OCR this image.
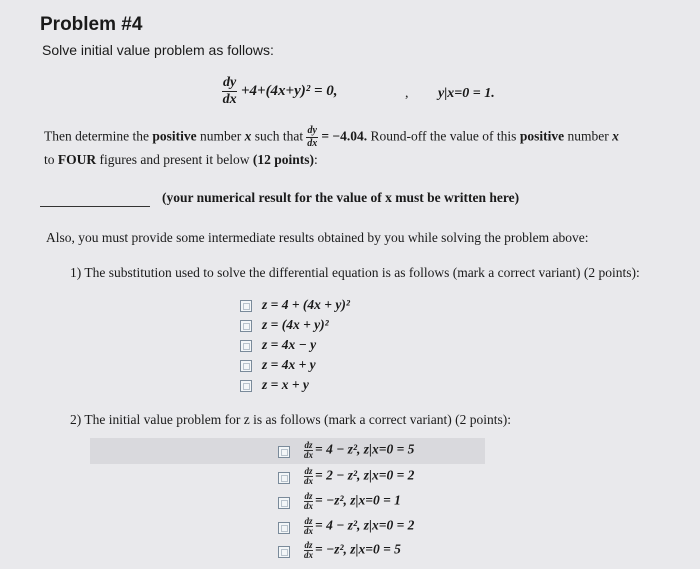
Problem #4
Solve initial value problem as follows:
$\frac{dy}{dx} +4+(4x+y)^2 = 0$,	, y|x=0 = 1.
Then determine the positive number x such that $\frac{dy}{dx} = -4.04$. Round-off the value of this positive number x
to FOUR figures and present it below (12 points):
(your numerical result for the value of x must be written here)
Also, you must provide some intermediate results obtained by you while solving the problem above:
1) The substitution used to solve the differential equation is as follows (mark a correct variant) (2 points):
z = 4 + (4x + y)²
z = (4x + y)²
z = 4x − y
z = 4x + y
z = x + y
2) The initial value problem for z is as follows (mark a correct variant) (2 points):
$\frac{dz}{dx} = 4 - z^2$, z|x=0 = 5
$\frac{dz}{dx} = 2 - z^2$, z|x=0 = 2
$\frac{dz}{dx} = -z^2$, z|x=0 = 1
$\frac{dz}{dx} = 4 - z^2$, z|x=0 = 2
$\frac{dz}{dx} = -z^2$, z|x=0 = 5
